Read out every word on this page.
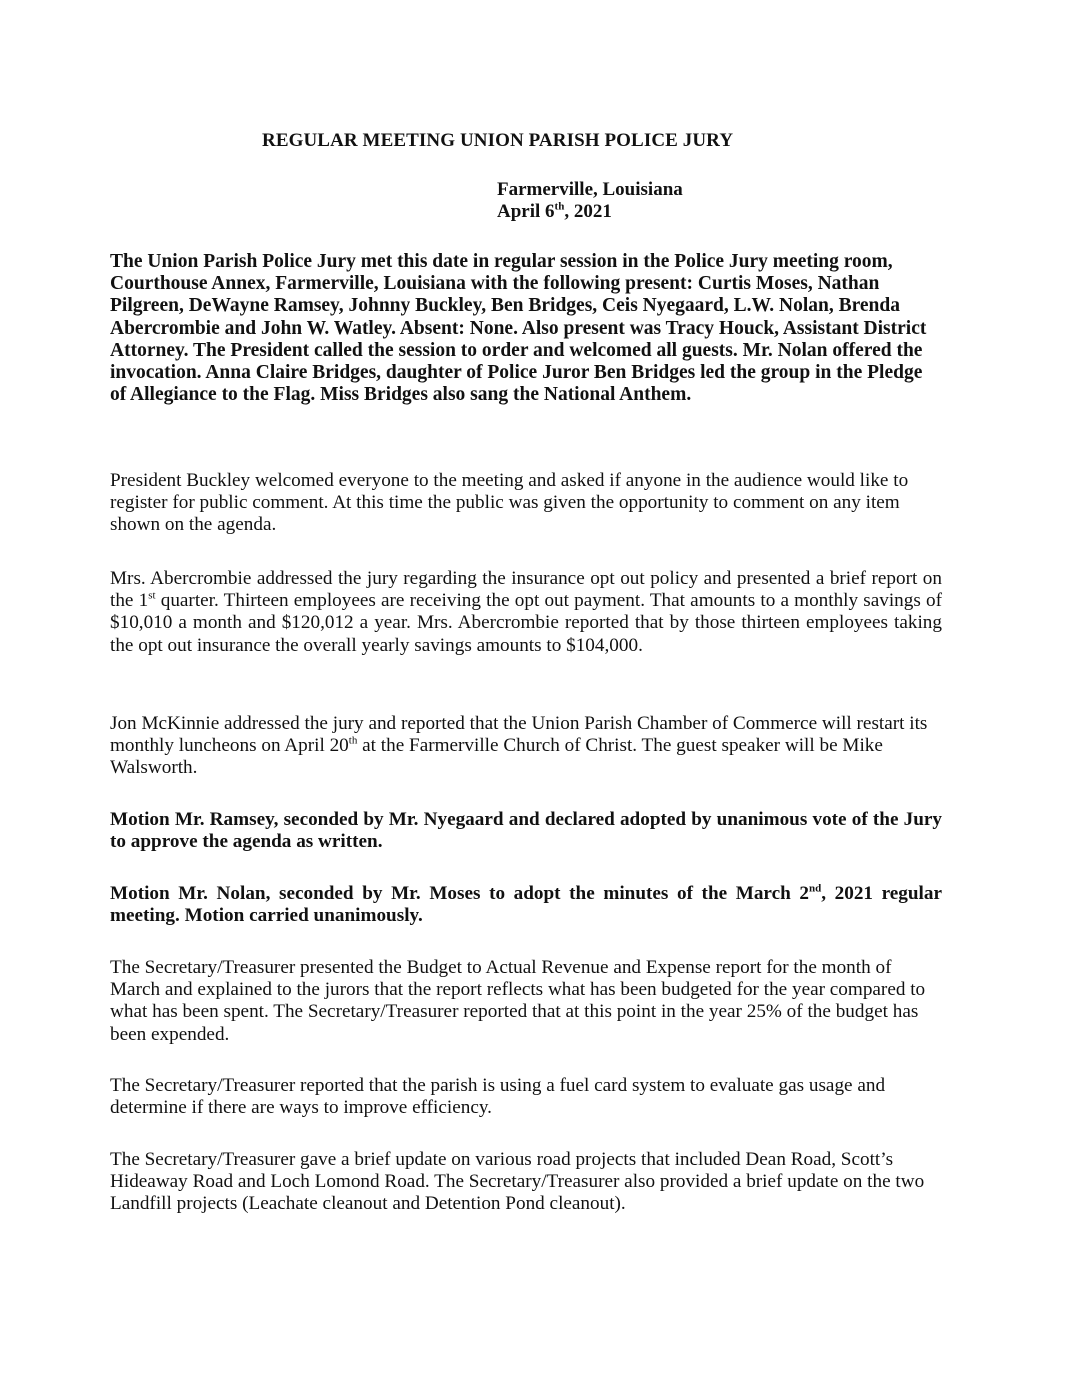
REGULAR MEETING UNION PARISH POLICE JURY
Farmerville, Louisiana
April 6th, 2021

The Union Parish Police Jury met this date in regular session in the Police Jury meeting room, Courthouse Annex, Farmerville, Louisiana with the following present: Curtis Moses, Nathan Pilgreen, DeWayne Ramsey, Johnny Buckley, Ben Bridges, Ceis Nyegaard, L.W. Nolan, Brenda Abercrombie and John W. Watley. Absent: None. Also present was Tracy Houck, Assistant District Attorney. The President called the session to order and welcomed all guests. Mr. Nolan offered the invocation. Anna Claire Bridges, daughter of Police Juror Ben Bridges led the group in the Pledge of Allegiance to the Flag. Miss Bridges also sang the National Anthem.

President Buckley welcomed everyone to the meeting and asked if anyone in the audience would like to register for public comment. At this time the public was given the opportunity to comment on any item shown on the agenda.

Mrs. Abercrombie addressed the jury regarding the insurance opt out policy and presented a brief report on the 1st quarter. Thirteen employees are receiving the opt out payment. That amounts to a monthly savings of $10,010 a month and $120,012 a year. Mrs. Abercrombie reported that by those thirteen employees taking the opt out insurance the overall yearly savings amounts to $104,000.

Jon McKinnie addressed the jury and reported that the Union Parish Chamber of Commerce will restart its monthly luncheons on April 20th at the Farmerville Church of Christ. The guest speaker will be Mike Walsworth.

Motion Mr. Ramsey, seconded by Mr. Nyegaard and declared adopted by unanimous vote of the Jury to approve the agenda as written.

Motion Mr. Nolan, seconded by Mr. Moses to adopt the minutes of the March 2nd, 2021 regular meeting. Motion carried unanimously.

The Secretary/Treasurer presented the Budget to Actual Revenue and Expense report for the month of March and explained to the jurors that the report reflects what has been budgeted for the year compared to what has been spent. The Secretary/Treasurer reported that at this point in the year 25% of the budget has been expended.

The Secretary/Treasurer reported that the parish is using a fuel card system to evaluate gas usage and determine if there are ways to improve efficiency.

The Secretary/Treasurer gave a brief update on various road projects that included Dean Road, Scott’s Hideaway Road and Loch Lomond Road. The Secretary/Treasurer also provided a brief update on the two Landfill projects (Leachate cleanout and Detention Pond cleanout).
